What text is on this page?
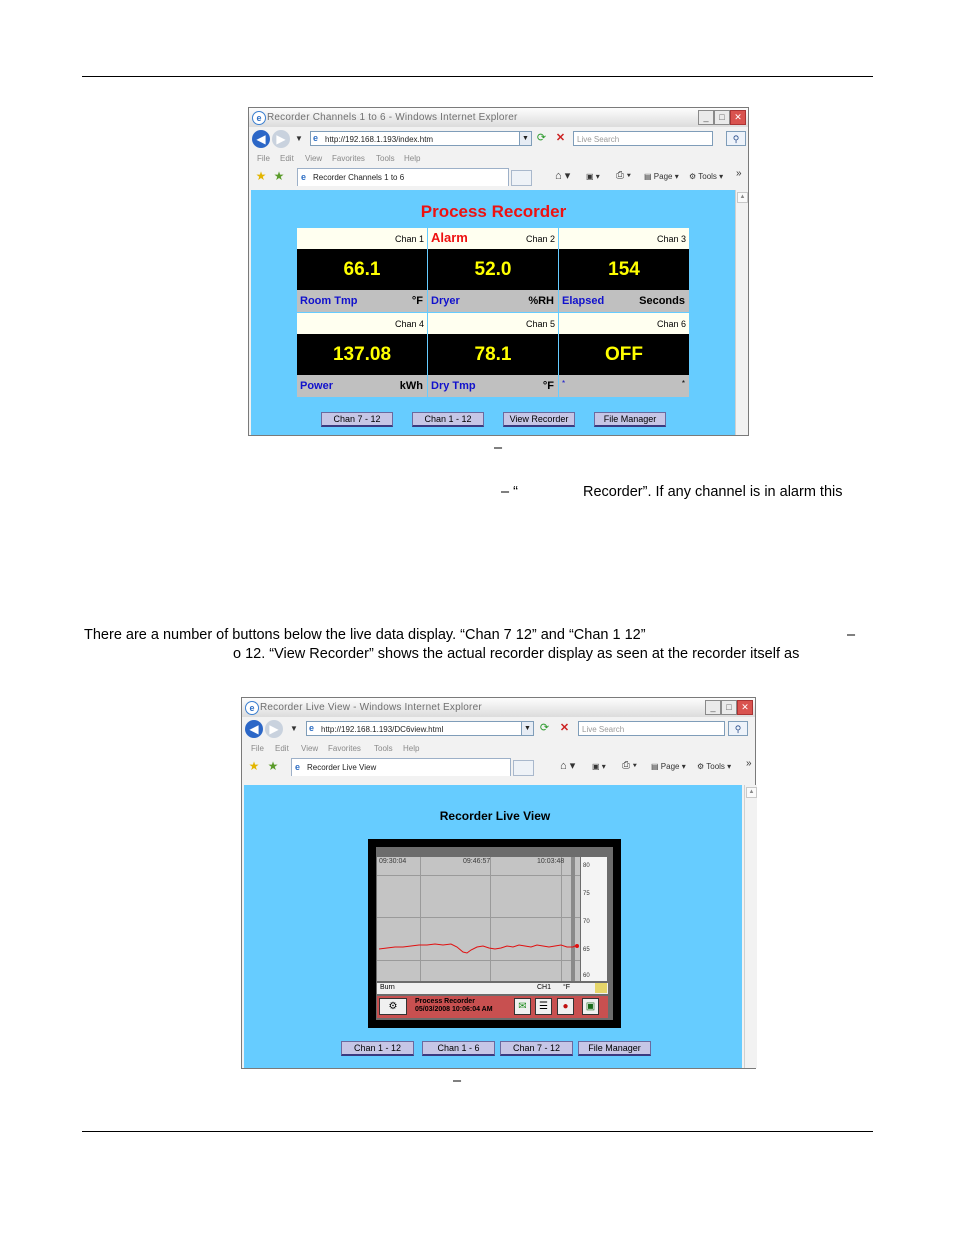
e Recorder Channels 1 to 6 - Windows Internet Explorer	_	□	✕
◀ ▶	▼ e http://192.168.1.193/index.htm	▼ ⟳ ✕	Live Search	⚲
File Edit View Favorites Tools Help
★ ★ e Recorder Channels 1 to 6	⌂ ▾ ▣ ▾ ⎙ ▾ ▤ Page ▾ ⚙ Tools ▾ »
Process Recorder
Chan 1
66.1
Room Tmp	°F
Alarm	Chan 2
52.0
Dryer	%RH
Chan 3
154
Elapsed	Seconds
Chan 4
137.08
Power	kWh
Chan 5
78.1
Dry Tmp	°F
Chan 6
OFF
*	*
Chan 7 - 12	Chan 1 - 12	View Recorder	File Manager
▲
–
– “	Recorder”. If any channel is in alarm this
There are a number of buttons below the live data display. “Chan 7 12” and “Chan 1 12”	–
o 12. “View Recorder” shows the actual recorder display as seen at the recorder itself as
e Recorder Live View - Windows Internet Explorer	_	□	✕
◀ ▶	▼ e http://192.168.1.193/DC6view.html	▼ ⟳ ✕	Live Search	⚲
File Edit View Favorites Tools Help
★ ★ e Recorder Live View	⌂ ▾ ▣ ▾ ⎙ ▾ ▤ Page ▾ ⚙ Tools ▾ »
Recorder Live View
09:30:04	09:46:57	10:03:48
80
75
70
65
60
Burn	CH1 °F
⚙	Process Recorder
05/03/2008 10:06:04 AM	✉	☰	●	▣
Chan 1 - 12	Chan 1 - 6	Chan 7 - 12	File Manager
▲
–
